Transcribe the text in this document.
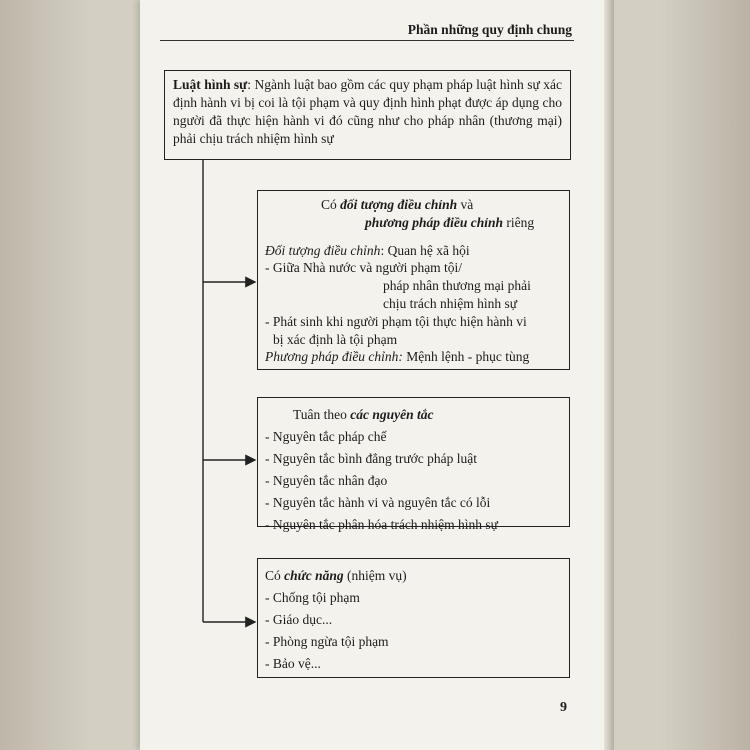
Phần những quy định chung
Luật hình sự: Ngành luật bao gồm các quy phạm pháp luật hình sự xác định hành vi bị coi là tội phạm và quy định hình phạt được áp dụng cho người đã thực hiện hành vi đó cũng như cho pháp nhân (thương mại) phải chịu trách nhiệm hình sự
Có đối tượng điều chỉnh và
phương pháp điều chỉnh riêng
Đối tượng điều chỉnh: Quan hệ xã hội
- Giữa Nhà nước và người phạm tội/
pháp nhân thương mại phải
chịu trách nhiệm hình sự
- Phát sinh khi người phạm tội thực hiện hành vi
bị xác định là tội phạm
Phương pháp điều chỉnh: Mệnh lệnh - phục tùng
Tuân theo các nguyên tắc
- Nguyên tắc pháp chế
- Nguyên tắc bình đẳng trước pháp luật
- Nguyên tắc nhân đạo
- Nguyên tắc hành vi và nguyên tắc có lỗi
- Nguyên tắc phân hóa trách nhiệm hình sự
Có chức năng (nhiệm vụ)
- Chống tội phạm
- Giáo dục...
- Phòng ngừa tội phạm
- Bảo vệ...
9
